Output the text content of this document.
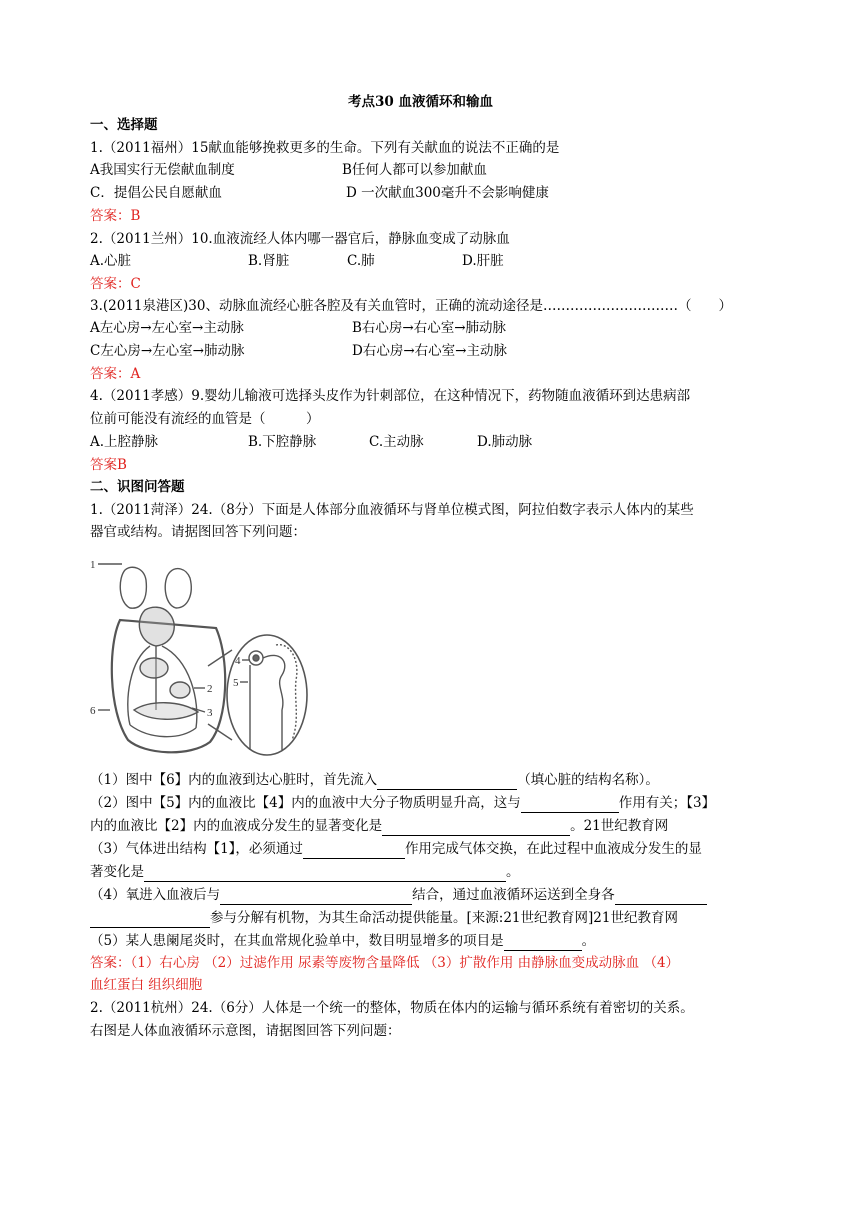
考点30 血液循环和输血
一、选择题
1.（2011福州）15献血能够挽救更多的生命。下列有关献血的说法不正确的是
A我国实行无偿献血制度	B任何人都可以参加献血
C．提倡公民自愿献血	D 一次献血300毫升不会影响健康
答案：B
2.（2011兰州）10.血液流经人体内哪一器官后，静脉血变成了动脉血
A.心脏	B.肾脏	C.肺	D.肝脏
答案：C
3.(2011泉港区)30、动脉血流经心脏各腔及有关血管时，正确的流动途径是…………………………（　　）
A左心房→左心室→主动脉	B右心房→右心室→肺动脉
C左心房→左心室→肺动脉	D右心房→右心室→主动脉
答案：A
4.（2011孝感）9.婴幼儿输液可选择头皮作为针刺部位，在这种情况下，药物随血液循环到达患病部
位前可能没有流经的血管是（　　　）
A.上腔静脉	B.下腔静脉	C.主动脉	D.肺动脉
答案B
二、识图问答题
1.（2011菏泽）24.（8分）下面是人体部分血液循环与肾单位模式图，阿拉伯数字表示人体内的某些
器官或结构。请据图回答下列问题：
1
2
3
4
5
6
（1）图中【6】内的血液到达心脏时，首先流入	（填心脏的结构名称）。
（2）图中【5】内的血液比【4】内的血液中大分子物质明显升高，这与	作用有关；【3】
内的血液比【2】内的血液成分发生的显著变化是	。21世纪教育网
（3）气体进出结构【1】，必须通过	作用完成气体交换，在此过程中血液成分发生的显
著变化是	。
（4）氧进入血液后与	结合，通过血液循环运送到全身各
参与分解有机物，为其生命活动提供能量。[来源:21世纪教育网]21世纪教育网
（5）某人患阑尾炎时，在其血常规化验单中，数目明显增多的项目是	。
答案：（1）右心房 （2）过滤作用 尿素等废物含量降低 （3）扩散作用 由静脉血变成动脉血 （4）
血红蛋白 组织细胞
2.（2011杭州）24.（6分）人体是一个统一的整体，物质在体内的运输与循环系统有着密切的关系。
右图是人体血液循环示意图，请据图回答下列问题：
